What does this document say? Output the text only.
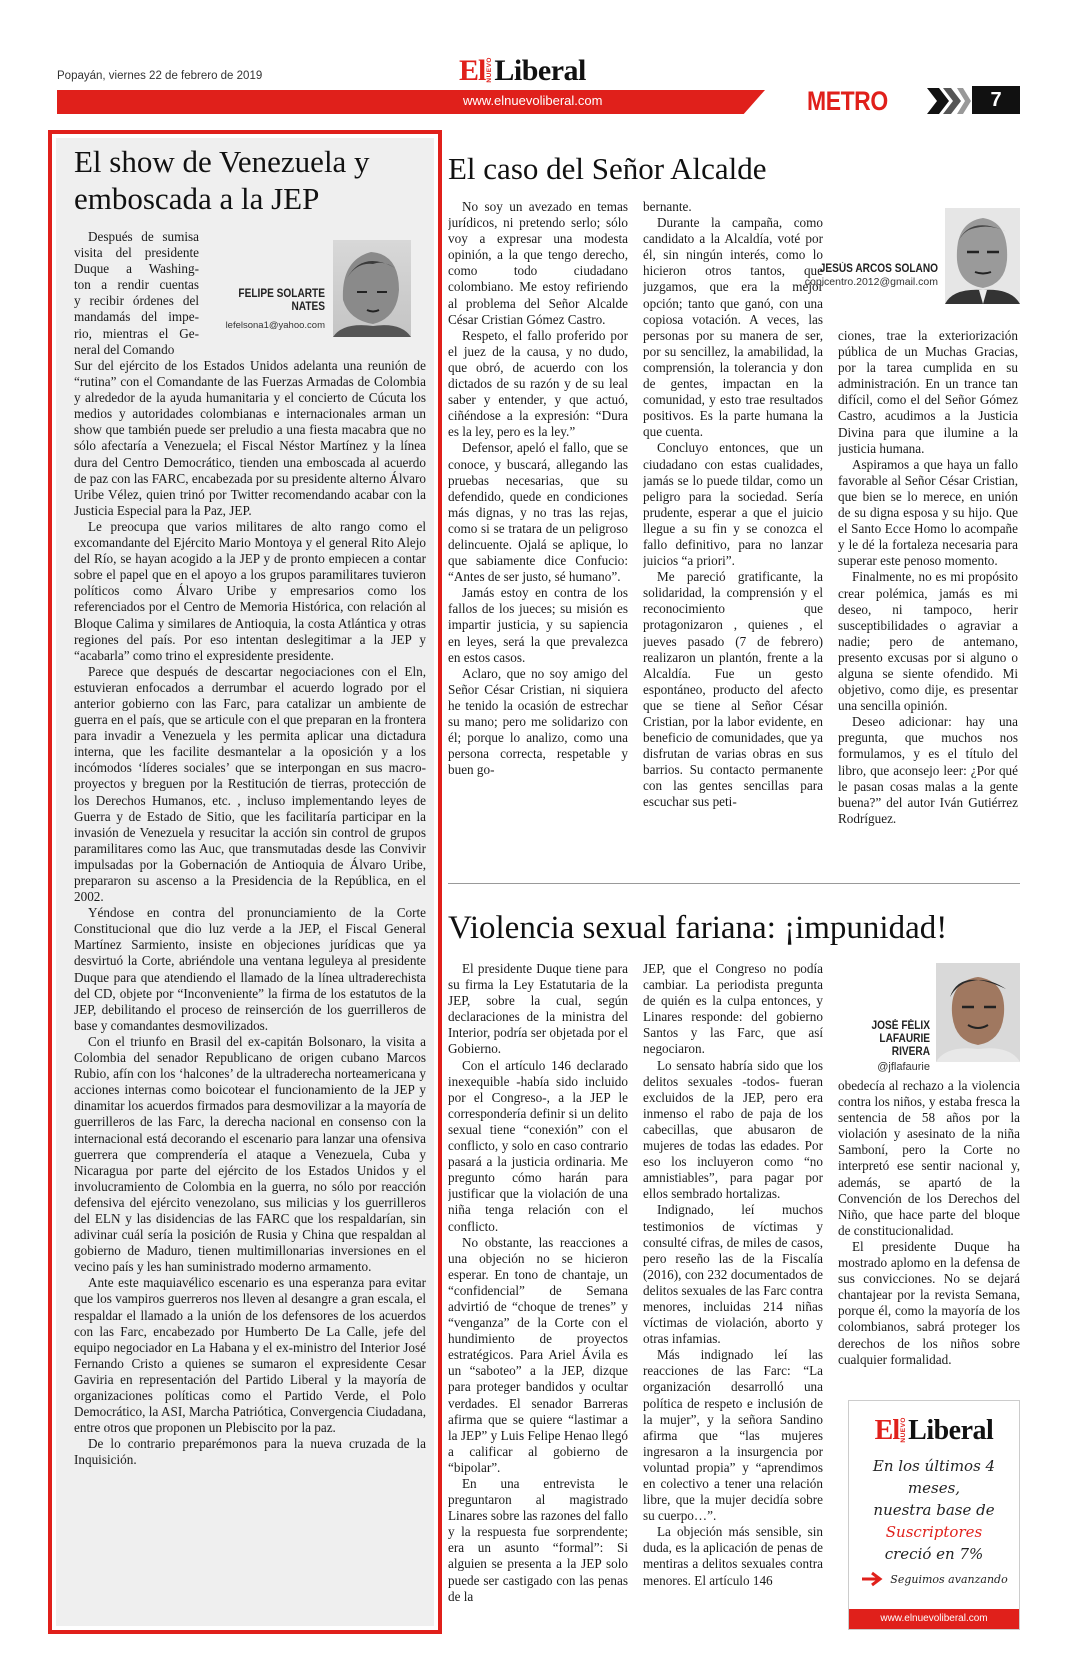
Popayán, viernes 22 de febrero de 2019	El NUEVO Liberal
www.elnuevoliberal.com	METRO	7
El show de Venezuela y emboscada a la JEP
Después de sumisa
visita del presidente
Duque a Washing-
ton a rendir cuentas
y recibir órdenes del
mandamás del impe-
rio, mientras el Ge-
neral del Comando
FELIPE SOLARTE NATES
lefelsona1@yahoo.com

Sur del ejército de los Estados Unidos adelanta una reunión de “rutina” con el Comandante de las Fuerzas Armadas de Colombia y alrededor de la ayuda humanitaria y el concierto de Cúcuta los medios y autoridades colombianas e internacionales arman un show que también puede ser preludio a una fiesta macabra que no sólo afectaría a Venezuela; el Fiscal Néstor Martínez y la línea dura del Centro Democrático, tienden una emboscada al acuerdo de paz con las FARC, encabezada por su presidente alterno Álvaro Uribe Vélez, quien trinó por Twitter recomendando acabar con la Justicia Especial para la Paz, JEP.

Le preocupa que varios militares de alto rango como el excomandante del Ejército Mario Montoya y el general Rito Alejo del Río, se hayan acogido a la JEP y de pronto empiecen a contar sobre el papel que en el apoyo a los grupos paramilitares tuvieron políticos como Álvaro Uribe y empresarios como los referenciados por el Centro de Memoria Histórica, con relación al Bloque Calima y similares de Antioquia, la costa Atlántica y otras regiones del país. Por eso intentan deslegitimar a la JEP y “acabarla” como trino el expresidente presidente.

Parece que después de descartar negociaciones con el Eln, estuvieran enfocados a derrumbar el acuerdo logrado por el anterior gobierno con las Farc, para catalizar un ambiente de guerra en el país, que se articule con el que preparan en la frontera para invadir a Venezuela y les permita aplicar una dictadura interna, que les facilite desmantelar a la oposición y a los incómodos ‘líderes sociales’ que se interpongan en sus macro-proyectos y breguen por la Restitución de tierras, protección de los Derechos Humanos, etc. , incluso implementando leyes de Guerra y de Estado de Sitio, que les facilitaría participar en la invasión de Venezuela y resucitar la acción sin control de grupos paramilitares como las Auc, que transmutadas desde las Convivir impulsadas por la Gobernación de Antioquia de Álvaro Uribe, prepararon su ascenso a la Presidencia de la República, en el 2002.

Yéndose en contra del pronunciamiento de la Corte Constitucional que dio luz verde a la JEP, el Fiscal General Martínez Sarmiento, insiste en objeciones jurídicas que ya desvirtuó la Corte, abriéndole una ventana leguleya al presidente Duque para que atendiendo el llamado de la línea ultraderechista del CD, objete por “Inconveniente” la firma de los estatutos de la JEP, debilitando el proceso de reinserción de los guerrilleros de base y comandantes desmovilizados.

Con el triunfo en Brasil del ex-capitán Bolsonaro, la visita a Colombia del senador Republicano de origen cubano Marcos Rubio, afín con los ‘halcones’ de la ultraderecha norteamericana y acciones internas como boicotear el funcionamiento de la JEP y dinamitar los acuerdos firmados para desmovilizar a la mayoría de guerrilleros de las Farc, la derecha nacional en consenso con la internacional está decorando el escenario para lanzar una ofensiva guerrera que comprendería el ataque a Venezuela, Cuba y Nicaragua por parte del ejército de los Estados Unidos y el involucramiento de Colombia en la guerra, no sólo por reacción defensiva del ejército venezolano, sus milicias y los guerrilleros del ELN y las disidencias de las FARC que los respaldarían, sin adivinar cuál sería la posición de Rusia y China que respaldan al gobierno de Maduro, tienen multimillonarias inversiones en el vecino país y les han suministrado moderno armamento.

Ante este maquiavélico escenario es una esperanza para evitar que los vampiros guerreros nos lleven al desangre a gran escala, el respaldar el llamado a la unión de los defensores de los acuerdos con las Farc, encabezado por Humberto De La Calle, jefe del equipo negociador en La Habana y el ex-ministro del Interior José Fernando Cristo a quienes se sumaron el expresidente Cesar Gaviria en representación del Partido Liberal y la mayoría de organizaciones políticas como el Partido Verde, el Polo Democrático, la ASI, Marcha Patriótica, Convergencia Ciudadana, entre otros que proponen un Plebiscito por la paz.

De lo contrario preparémonos para la nueva cruzada de la Inquisición.

El caso del Señor Alcalde
JESÚS ARCOS SOLANO
copicentro.2012@gmail.com

No soy un avezado en temas jurídicos, ni pretendo serlo; sólo voy a expresar una modesta opinión, a la que tengo derecho, como todo ciudadano colombiano. Me estoy refiriendo al problema del Señor Alcalde César Cristian Gómez Castro.

Respeto, el fallo proferido por el juez de la causa, y no dudo, que obró, de acuerdo con los dictados de su razón y de su leal saber y entender, y que actuó, ciñéndose a la expresión: “Dura es la ley, pero es la ley.”

Defensor, apeló el fallo, que se conoce, y buscará, allegando las pruebas necesarias, que su defendido, quede en condiciones más dignas, y no tras las rejas, como si se tratara de un peligroso delincuente. Ojalá se aplique, lo que sabiamente dice Confucio: “Antes de ser justo, sé humano”.

Jamás estoy en contra de los fallos de los jueces; su misión es impartir justicia, y su sapiencia en leyes, será la que prevalezca en estos casos.

Aclaro, que no soy amigo del Señor César Cristian, ni siquiera he tenido la ocasión de estrechar su mano; pero me solidarizo con él; porque lo analizo, como una persona correcta, respetable y buen go-

bernante.

Durante la campaña, como candidato a la Alcaldía, voté por él, sin ningún interés, como lo hicieron otros tantos, que juzgamos, que era la mejor opción; tanto que ganó, con una copiosa votación. A veces, las personas por su manera de ser, por su sencillez, la amabilidad, la comprensión, la tolerancia y don de gentes, impactan en la comunidad, y esto trae resultados positivos. Es la parte humana la que cuenta.

Concluyo entonces, que un ciudadano con estas cualidades, jamás se lo puede tildar, como un peligro para la sociedad. Sería prudente, esperar a que el juicio llegue a su fin y se conozca el fallo definitivo, para no lanzar juicios “a priori”.

Me pareció gratificante, la solidaridad, la comprensión y el reconocimiento que protagonizaron , quienes , el jueves pasado (7 de febrero) realizaron un plantón, frente a la Alcaldía. Fue un gesto espontáneo, producto del afecto que se tiene al Señor César Cristian, por la labor evidente, en beneficio de comunidades, que ya disfrutan de varias obras en sus barrios. Su contacto permanente con las gentes sencillas para escuchar sus peti-

ciones, trae la exteriorización pública de un Muchas Gracias, por la tarea cumplida en su administración. En un trance tan difícil, como el del Señor Gómez Castro, acudimos a la Justicia Divina para que ilumine a la justicia humana.

Aspiramos a que haya un fallo favorable al Señor César Cristian, que bien se lo merece, en unión de su digna esposa y su hijo. Que el Santo Ecce Homo lo acompañe y le dé la fortaleza necesaria para superar este penoso momento.

Finalmente, no es mi propósito crear polémica, jamás es mi deseo, ni tampoco, herir susceptibilidades o agraviar a nadie; pero de antemano, presento excusas por si alguno o alguna se siente ofendido. Mi objetivo, como dije, es presentar una sencilla opinión.

Deseo adicionar: hay una pregunta, que muchos nos formulamos, y es el título del libro, que aconsejo leer: ¿Por qué le pasan cosas malas a la gente buena?” del autor Iván Gutiérrez Rodríguez.

Violencia sexual fariana: ¡impunidad!
JOSÉ FÉLIX LAFAURIE RIVERA
@jflafaurie

El presidente Duque tiene para su firma la Ley Estatutaria de la JEP, sobre la cual, según declaraciones de la ministra del Interior, podría ser objetada por el Gobierno.

Con el artículo 146 declarado inexequible -había sido incluido por el Congreso-, a la JEP le correspondería definir si un delito sexual tiene “conexión” con el conflicto, y solo en caso contrario pasará a la justicia ordinaria. Me pregunto cómo harán para justificar que la violación de una niña tenga relación con el conflicto.

No obstante, las reacciones a una objeción no se hicieron esperar. En tono de chantaje, un “confidencial” de Semana advirtió de “choque de trenes” y “venganza” de la Corte con el hundimiento de proyectos estratégicos. Para Ariel Ávila es un “saboteo” a la JEP, dizque para proteger bandidos y ocultar verdades. El senador Barreras afirma que se quiere “lastimar a la JEP” y Luis Felipe Henao llegó a calificar al gobierno de “bipolar”.

En una entrevista le preguntaron al magistrado Linares sobre las razones del fallo y la respuesta fue sorprendente; era un asunto “formal”: Si alguien se presenta a la JEP solo puede ser castigado con las penas de la

JEP, que el Congreso no podía cambiar. La periodista pregunta de quién es la culpa entonces, y Linares responde: del gobierno Santos y las Farc, que así negociaron.

Lo sensato habría sido que los delitos sexuales -todos- fueran excluidos de la JEP, pero era inmenso el rabo de paja de los cabecillas, que abusaron de mujeres de todas las edades. Por eso los incluyeron como “no amnistiables”, para pagar por ellos sembrado hortalizas.

Indignado, leí muchos testimonios de víctimas y consulté cifras, de miles de casos, pero reseño las de la Fiscalía (2016), con 232 documentados de delitos sexuales de las Farc contra menores, incluidas 214 niñas víctimas de violación, aborto y otras infamias.

Más indignado leí las reacciones de las Farc: “La organización desarrolló una política de respeto e inclusión de la mujer”, y la señora Sandino afirma que “las mujeres ingresaron a la insurgencia por voluntad propia” y “aprendimos en colectivo a tener una relación libre, que la mujer decidía sobre su cuerpo…”.

La objeción más sensible, sin duda, es la aplicación de penas de mentiras a delitos sexuales contra menores. El artículo 146

obedecía al rechazo a la violencia contra los niños, y estaba fresca la sentencia de 58 años por la violación y asesinato de la niña Samboní, pero la Corte no interpretó ese sentir nacional y, además, se apartó de la Convención de los Derechos del Niño, que hace parte del bloque de constitucionalidad.

El presidente Duque ha mostrado aplomo en la defensa de sus convicciones. No se dejará chantajear por la revista Semana, porque él, como la mayoría de los colombianos, sabrá proteger los derechos de los niños sobre cualquier formalidad.

El NUEVO Liberal
En los últimos 4 meses,
nuestra base de
Suscriptores
creció en 7%
Seguimos avanzando
www.elnuevoliberal.com
